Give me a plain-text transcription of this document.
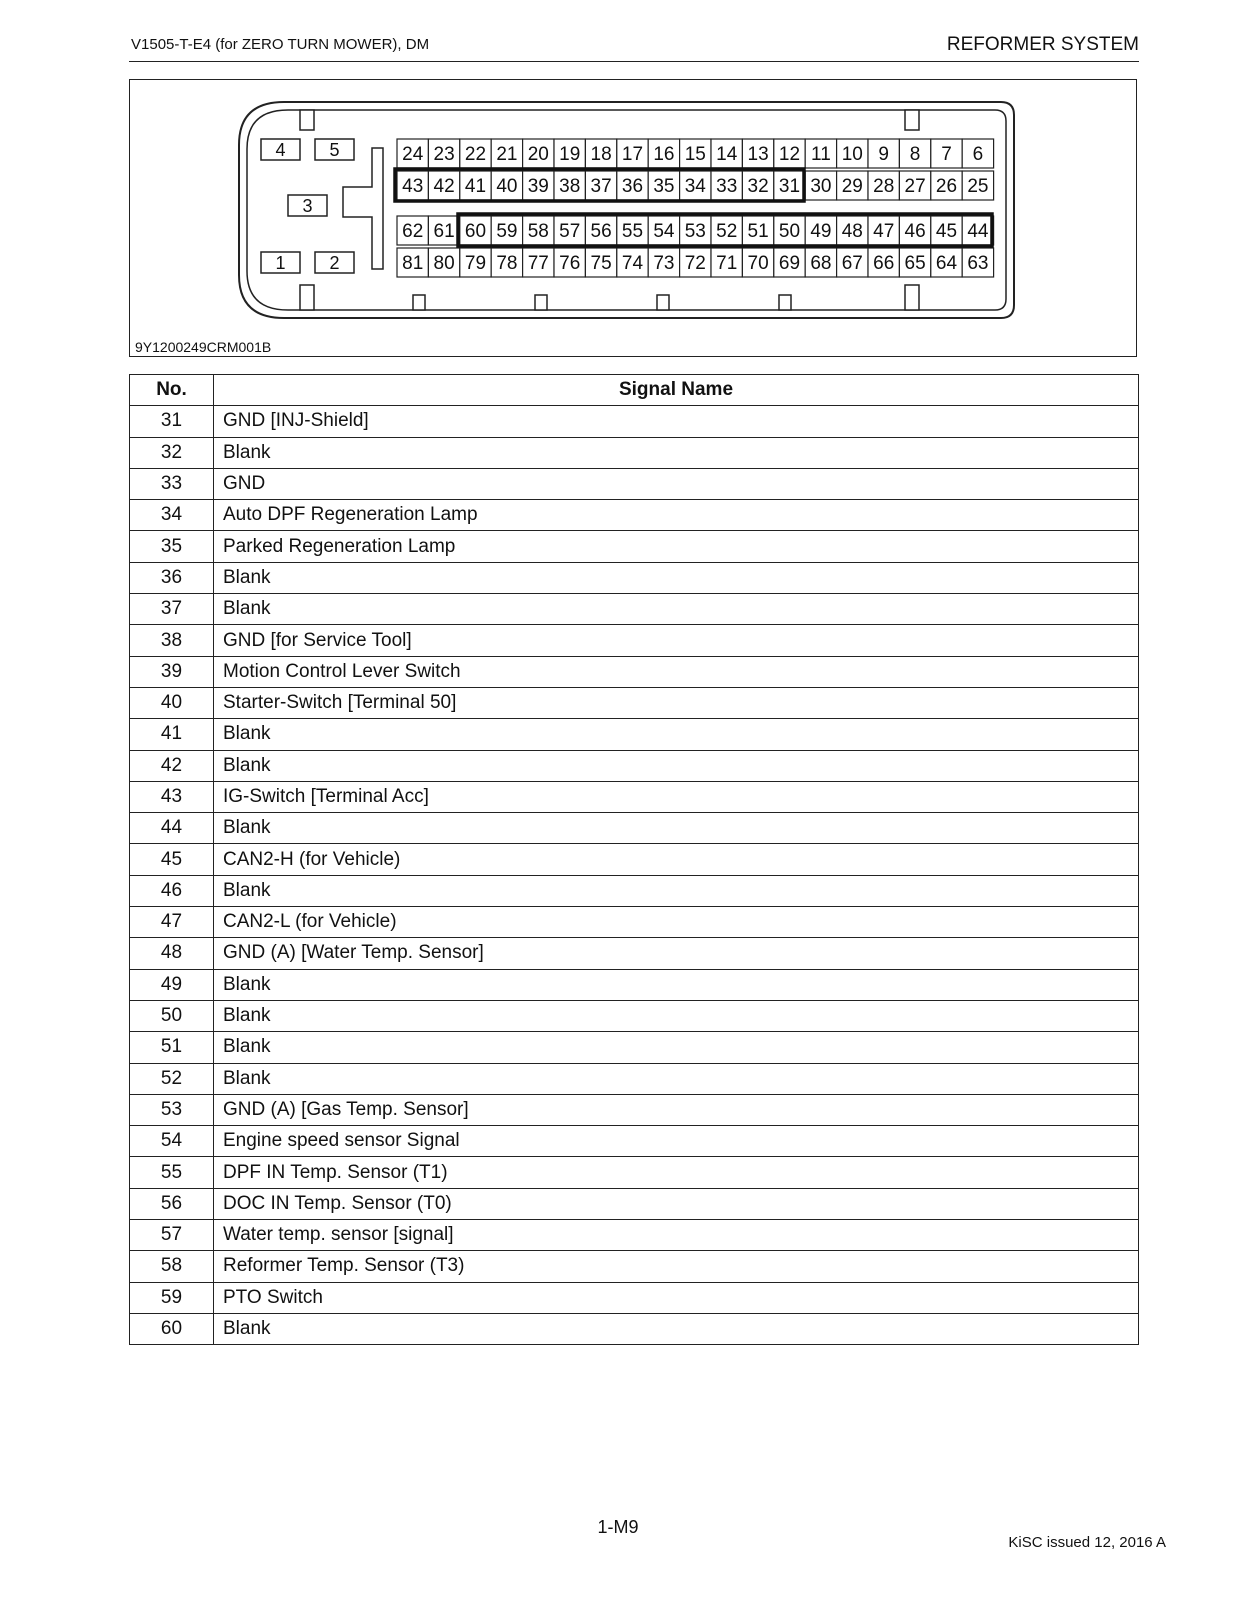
V1505-T-E4 (for ZERO TURN MOWER), DM	REFORMER SYSTEM
1 2
3
4 5	24 23 22 21 20 19 18 17 16 15 14 13 12 11 10 9 8 7 6
43 42 41 40 39 38 37 36 35 34 33 32 31 30 29 28 27 26 25
62 61 60 59 58 57 56 55 54 53 52 51 50 49 48 47 46 45 44
81 80 79 78 77 76 75 74 73 72 71 70 69 68 67 66 65 64 63
9Y1200249CRM001B
No.	Signal Name
31	GND [INJ-Shield]
32	Blank
33	GND
34	Auto DPF Regeneration Lamp
35	Parked Regeneration Lamp
36	Blank
37	Blank
38	GND [for Service Tool]
39	Motion Control Lever Switch
40	Starter-Switch [Terminal 50]
41	Blank
42	Blank
43	IG-Switch [Terminal Acc]
44	Blank
45	CAN2-H (for Vehicle)
46	Blank
47	CAN2-L (for Vehicle)
48	GND (A) [Water Temp. Sensor]
49	Blank
50	Blank
51	Blank
52	Blank
53	GND (A) [Gas Temp. Sensor]
54	Engine speed sensor Signal
55	DPF IN Temp. Sensor (T1)
56	DOC IN Temp. Sensor (T0)
57	Water temp. sensor [signal]
58	Reformer Temp. Sensor (T3)
59	PTO Switch
60	Blank
1-M9
KiSC issued 12, 2016 A
